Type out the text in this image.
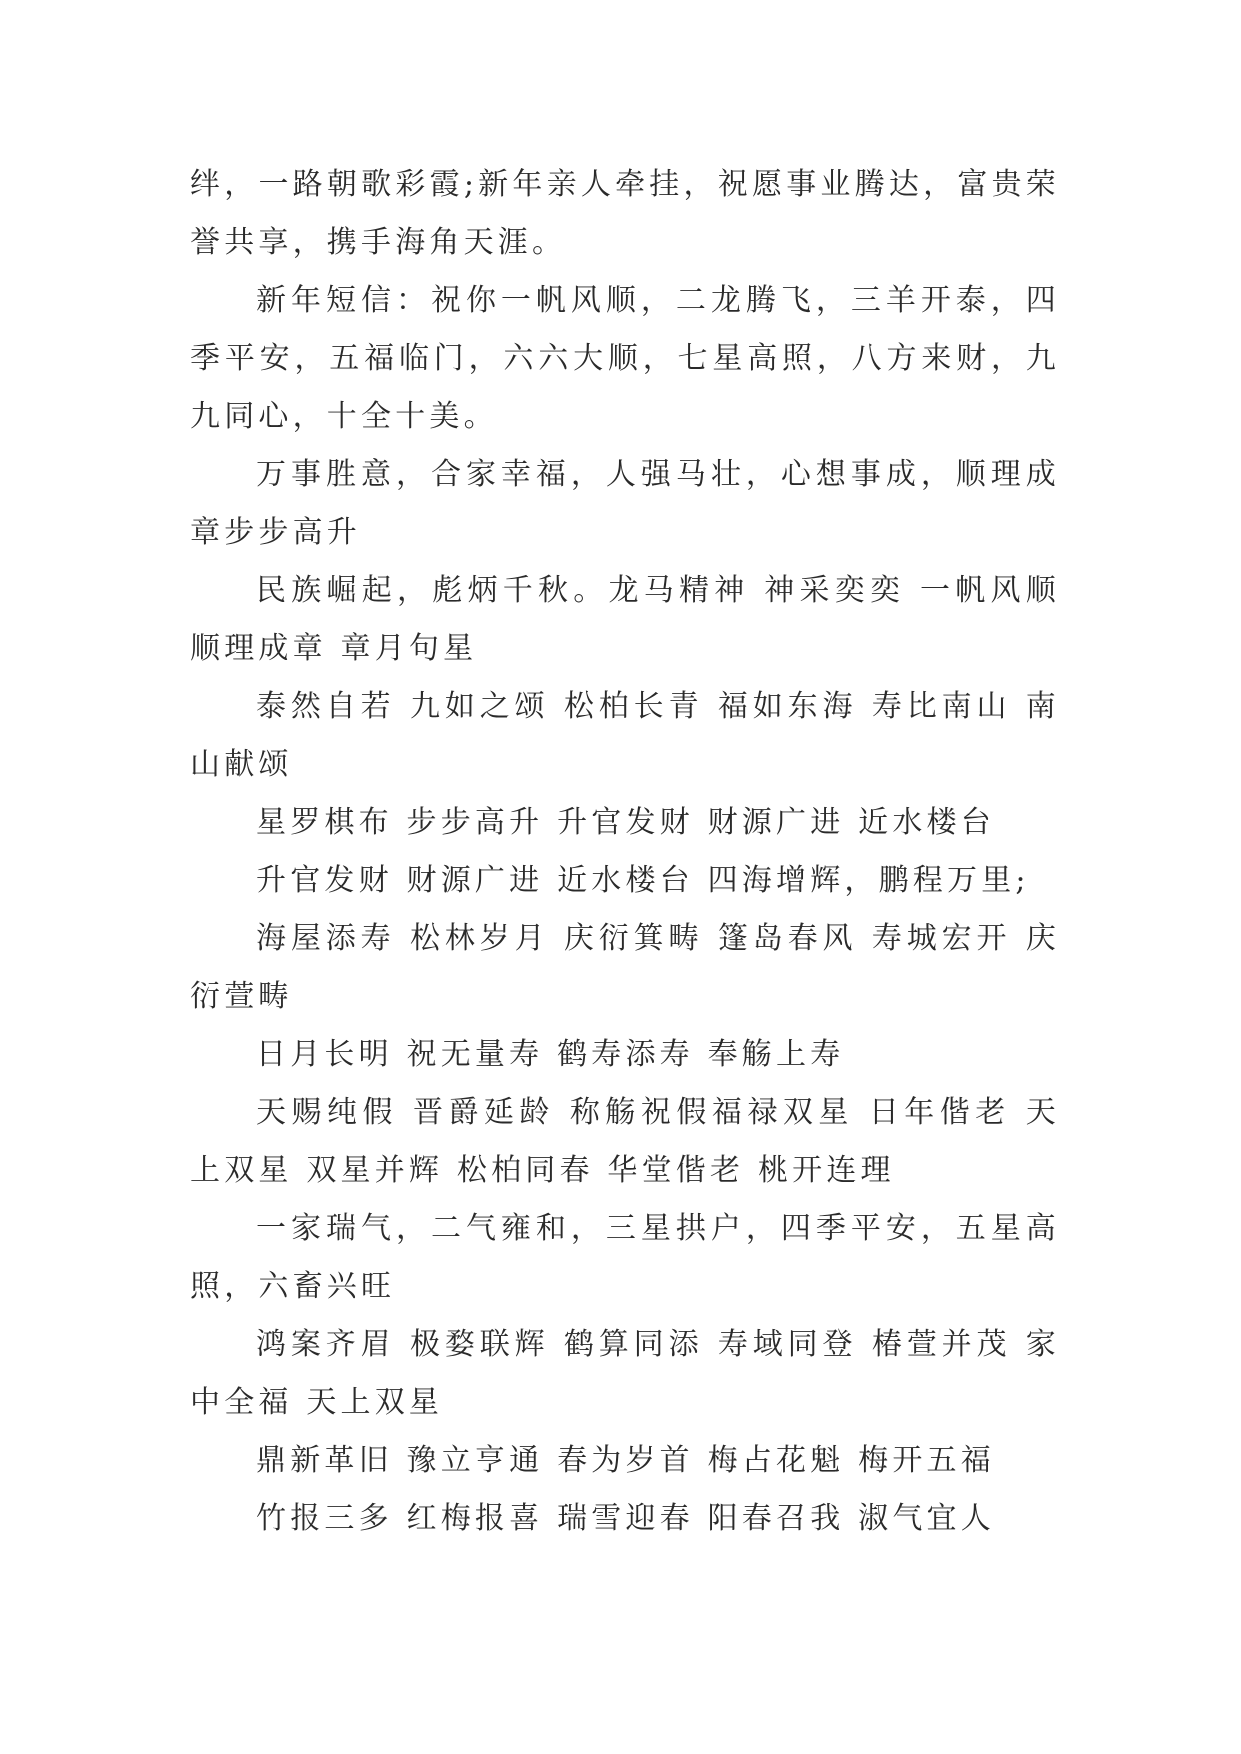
绊，一路朝歌彩霞;新年亲人牵挂，祝愿事业腾达，富贵荣誉共享，携手海角天涯。

新年短信：祝你一帆风顺，二龙腾飞，三羊开泰，四季平安，五福临门，六六大顺，七星高照，八方来财，九九同心，十全十美。

万事胜意，合家幸福，人强马壮，心想事成，顺理成章步步高升

民族崛起，彪炳千秋。龙马精神 神采奕奕 一帆风顺顺理成章 章月句星

泰然自若 九如之颂 松柏长青 福如东海 寿比南山 南山献颂

星罗棋布 步步高升 升官发财 财源广进 近水楼台

升官发财 财源广进 近水楼台 四海增辉，鹏程万里;

海屋添寿 松林岁月 庆衍箕畴 篷岛春风 寿城宏开 庆衍萱畴

日月长明 祝无量寿 鹤寿添寿 奉觞上寿

天赐纯假 晋爵延龄 称觞祝假福禄双星 日年偕老 天上双星 双星并辉 松柏同春 华堂偕老 桃开连理

一家瑞气，二气雍和，三星拱户，四季平安，五星高照，六畜兴旺

鸿案齐眉 极婺联辉 鹤算同添 寿域同登 椿萱并茂 家中全福 天上双星

鼎新革旧 豫立亨通 春为岁首 梅占花魁 梅开五福

竹报三多 红梅报喜 瑞雪迎春 阳春召我 淑气宜人
